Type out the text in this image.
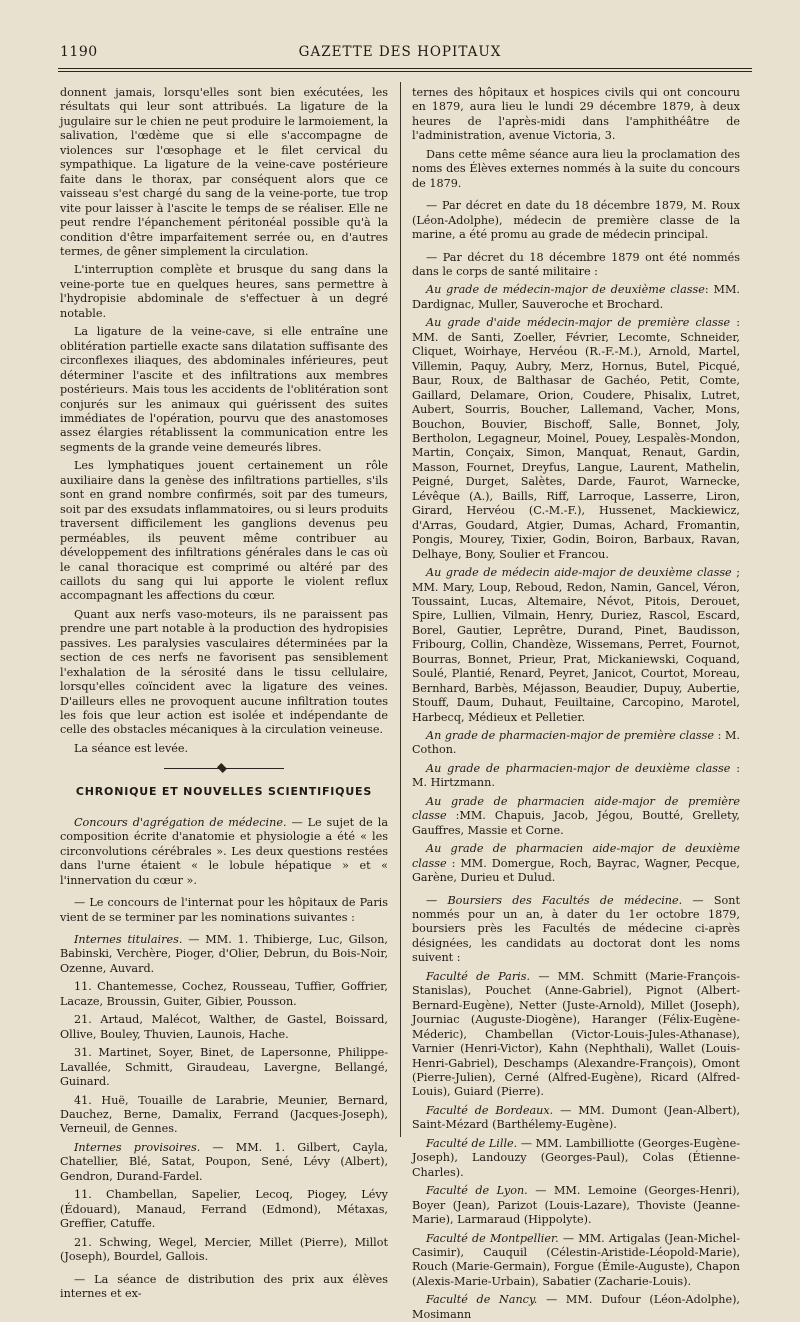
1190	GAZETTE DES HOPITAUX

donnent jamais, lorsqu'elles sont bien exécutées, les résultats qui leur sont attribués. La ligature de la jugulaire sur le chien ne peut produire le larmoiement, la salivation, l'œdème que si elle s'accompagne de violences sur l'œsophage et le filet cervical du sympathique. La ligature de la veine-cave postérieure faite dans le thorax, par conséquent alors que ce vaisseau s'est chargé du sang de la veine-porte, tue trop vite pour laisser à l'ascite le temps de se réaliser. Elle ne peut rendre l'épanchement péritonéal possible qu'à la condition d'être imparfaitement serrée ou, en d'autres termes, de gêner simplement la circulation.

L'interruption complète et brusque du sang dans la veine-porte tue en quelques heures, sans permettre à l'hydropisie abdominale de s'effectuer à un degré notable.

La ligature de la veine-cave, si elle entraîne une oblitération partielle exacte sans dilatation suffisante des circonflexes iliaques, des abdominales inférieures, peut déterminer l'ascite et des infiltrations aux membres postérieurs. Mais tous les accidents de l'oblitération sont conjurés sur les animaux qui guérissent des suites immédiates de l'opération, pourvu que des anastomoses assez élargies rétablissent la communication entre les segments de la grande veine demeurés libres.

Les lymphatiques jouent certainement un rôle auxiliaire dans la genèse des infiltrations partielles, s'ils sont en grand nombre confirmés, soit par des tumeurs, soit par des exsudats inflammatoires, ou si leurs produits traversent difficilement les ganglions devenus peu perméables, ils peuvent même contribuer au développement des infiltrations générales dans le cas où le canal thoracique est comprimé ou altéré par des caillots du sang qui lui apporte le violent reflux accompagnant les affections du cœur.

Quant aux nerfs vaso-moteurs, ils ne paraissent pas prendre une part notable à la production des hydropisies passives. Les paralysies vasculaires déterminées par la section de ces nerfs ne favorisent pas sensiblement l'exhalation de la sérosité dans le tissu cellulaire, lorsqu'elles coïncident avec la ligature des veines. D'ailleurs elles ne provoquent aucune infiltration toutes les fois que leur action est isolée et indépendante de celle des obstacles mécaniques à la circulation veineuse.

La séance est levée.

CHRONIQUE ET NOUVELLES SCIENTIFIQUES

Concours d'agrégation de médecine. — Le sujet de la composition écrite d'anatomie et physiologie a été « les circonvolutions cérébrales ». Les deux questions restées dans l'urne étaient « le lobule hépatique » et « l'innervation du cœur ».

— Le concours de l'internat pour les hôpitaux de Paris vient de se terminer par les nominations suivantes :

Internes titulaires. — MM. 1. Thibierge, Luc, Gilson, Babinski, Verchère, Pioger, d'Olier, Debrun, du Bois-Noir, Ozenne, Auvard.

11. Chantemesse, Cochez, Rousseau, Tuffier, Goffrier, Lacaze, Broussin, Guiter, Gibier, Pousson.

21. Artaud, Malécot, Walther, de Gastel, Boissard, Ollive, Bouley, Thuvien, Launois, Hache.

31. Martinet, Soyer, Binet, de Lapersonne, Philippe-Lavallée, Schmitt, Giraudeau, Lavergne, Bellangé, Guinard.

41. Huë, Touaille de Larabrie, Meunier, Bernard, Dauchez, Berne, Damalix, Ferrand (Jacques-Joseph), Verneuil, de Gennes.

Internes provisoires. — MM. 1. Gilbert, Cayla, Chatellier, Blé, Satat, Poupon, Sené, Lévy (Albert), Gendron, Durand-Fardel.

11. Chambellan, Sapelier, Lecoq, Piogey, Lévy (Édouard), Manaud, Ferrand (Edmond), Métaxas, Greffier, Catuffe.

21. Schwing, Wegel, Mercier, Millet (Pierre), Millot (Joseph), Bourdel, Gallois.

— La séance de distribution des prix aux élèves internes et ex-

ternes des hôpitaux et hospices civils qui ont concouru en 1879, aura lieu le lundi 29 décembre 1879, à deux heures de l'après-midi dans l'amphithéâtre de l'administration, avenue Victoria, 3.

Dans cette même séance aura lieu la proclamation des noms des Élèves externes nommés à la suite du concours de 1879.

— Par décret en date du 18 décembre 1879, M. Roux (Léon-Adolphe), médecin de première classe de la marine, a été promu au grade de médecin principal.

— Par décret du 18 décembre 1879 ont été nommés dans le corps de santé militaire :

Au grade de médecin-major de deuxième classe: MM. Dardignac, Muller, Sauveroche et Brochard.

Au grade d'aide médecin-major de première classe : MM. de Santi, Zoeller, Février, Lecomte, Schneider, Cliquet, Woirhaye, Hervéou (R.-F.-M.), Arnold, Martel, Villemin, Paquy, Aubry, Merz, Hornus, Butel, Picqué, Baur, Roux, de Balthasar de Gachéo, Petit, Comte, Gaillard, Delamare, Orion, Coudere, Phisalix, Lutret, Aubert, Sourris, Boucher, Lallemand, Vacher, Mons, Bouchon, Bouvier, Bischoff, Salle, Bonnet, Joly, Bertholon, Legagneur, Moinel, Pouey, Lespalès-Mondon, Martin, Conçaix, Simon, Manquat, Renaut, Gardin, Masson, Fournet, Dreyfus, Langue, Laurent, Mathelin, Peigné, Durget, Salètes, Darde, Faurot, Warnecke, Lévêque (A.), Baills, Riff, Larroque, Lasserre, Liron, Girard, Hervéou (C.-M.-F.), Hussenet, Mackiewicz, d'Arras, Goudard, Atgier, Dumas, Achard, Fromantin, Pongis, Mourey, Tixier, Godin, Boiron, Barbaux, Ravan, Delhaye, Bony, Soulier et Francou.

Au grade de médecin aide-major de deuxième classe ; MM. Mary, Loup, Reboud, Redon, Namin, Gancel, Véron, Toussaint, Lucas, Altemaire, Névot, Pitois, Derouet, Spire, Lullien, Vilmain, Henry, Duriez, Rascol, Escard, Borel, Gautier, Leprêtre, Durand, Pinet, Baudisson, Fribourg, Collin, Chandèze, Wissemans, Perret, Fournot, Bourras, Bonnet, Prieur, Prat, Mickaniewski, Coquand, Soulé, Plantié, Renard, Peyret, Janicot, Courtot, Moreau, Bernhard, Barbès, Méjasson, Beaudier, Dupuy, Aubertie, Stouff, Daum, Duhaut, Feuiltaine, Carcopino, Marotel, Harbecq, Médieux et Pelletier.

An grade de pharmacien-major de première classe : M. Cothon.

Au grade de pharmacien-major de deuxième classe : M. Hirtzmann.

Au grade de pharmacien aide-major de première classe :MM. Chapuis, Jacob, Jégou, Boutté, Grellety, Gauffres, Massie et Corne.

Au grade de pharmacien aide-major de deuxième classe : MM. Domergue, Roch, Bayrac, Wagner, Pecque, Garène, Durieu et Dulud.

— Boursiers des Facultés de médecine. — Sont nommés pour un an, à dater du 1er octobre 1879, boursiers près les Facultés de médecine ci-après désignées, les candidats au doctorat dont les noms suivent :

Faculté de Paris. — MM. Schmitt (Marie-François-Stanislas), Pouchet (Anne-Gabriel), Pignot (Albert-Bernard-Eugène), Netter (Juste-Arnold), Millet (Joseph), Journiac (Auguste-Diogène), Haranger (Félix-Eugène-Méderic), Chambellan (Victor-Louis-Jules-Athanase), Varnier (Henri-Victor), Kahn (Nephthali), Wallet (Louis-Henri-Gabriel), Deschamps (Alexandre-François), Omont (Pierre-Julien), Cerné (Alfred-Eugène), Ricard (Alfred-Louis), Guiard (Pierre).

Faculté de Bordeaux. — MM. Dumont (Jean-Albert), Saint-Mézard (Barthélemy-Eugène).

Faculté de Lille. — MM. Lambilliotte (Georges-Eugène-Joseph), Landouzy (Georges-Paul), Colas (Étienne-Charles).

Faculté de Lyon. — MM. Lemoine (Georges-Henri), Boyer (Jean), Parizot (Louis-Lazare), Thoviste (Jeanne-Marie), Larmaraud (Hippolyte).

Faculté de Montpellier. — MM. Artigalas (Jean-Michel-Casimir), Cauquil (Célestin-Aristide-Léopold-Marie), Rouch (Marie-Germain), Forgue (Émile-Auguste), Chapon (Alexis-Marie-Urbain), Sabatier (Zacharie-Louis).

Faculté de Nancy. — MM. Dufour (Léon-Adolphe), Mosimann
